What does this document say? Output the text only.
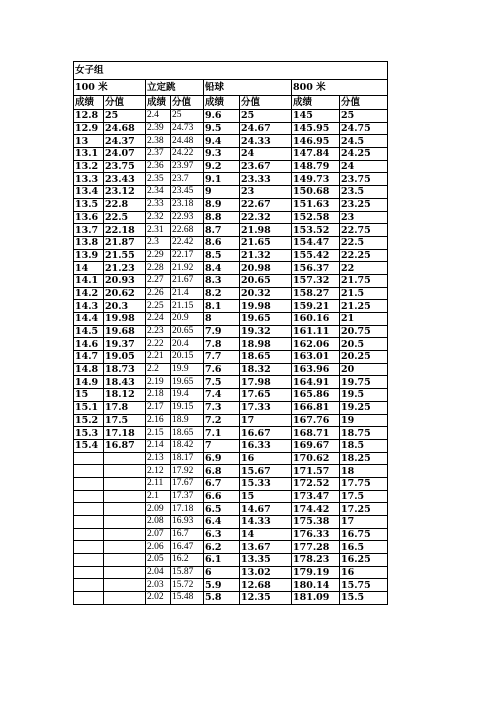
女子组							
100 米		立定跳		铅球		800 米	
成绩	分值	成绩	分值	成绩	分值	成绩	分值
12.8	25	2.4	25	9.6	25	145	25
12.9	24.68	2.39	24.73	9.5	24.67	145.95	24.75
13	24.37	2.38	24.48	9.4	24.33	146.95	24.5
13.1	24.07	2.37	24.22	9.3	24	147.84	24.25
13.2	23.75	2.36	23.97	9.2	23.67	148.79	24
13.3	23.43	2.35	23.7	9.1	23.33	149.73	23.75
13.4	23.12	2.34	23.45	9	23	150.68	23.5
13.5	22.8	2.33	23.18	8.9	22.67	151.63	23.25
13.6	22.5	2.32	22.93	8.8	22.32	152.58	23
13.7	22.18	2.31	22.68	8.7	21.98	153.52	22.75
13.8	21.87	2.3	22.42	8.6	21.65	154.47	22.5
13.9	21.55	2.29	22.17	8.5	21.32	155.42	22.25
14	21.23	2.28	21.92	8.4	20.98	156.37	22
14.1	20.93	2.27	21.67	8.3	20.65	157.32	21.75
14.2	20.62	2.26	21.4	8.2	20.32	158.27	21.5
14.3	20.3	2.25	21.15	8.1	19.98	159.21	21.25
14.4	19.98	2.24	20.9	8	19.65	160.16	21
14.5	19.68	2.23	20.65	7.9	19.32	161.11	20.75
14.6	19.37	2.22	20.4	7.8	18.98	162.06	20.5
14.7	19.05	2.21	20.15	7.7	18.65	163.01	20.25
14.8	18.73	2.2	19.9	7.6	18.32	163.96	20
14.9	18.43	2.19	19.65	7.5	17.98	164.91	19.75
15	18.12	2.18	19.4	7.4	17.65	165.86	19.5
15.1	17.8	2.17	19.15	7.3	17.33	166.81	19.25
15.2	17.5	2.16	18.9	7.2	17	167.76	19
15.3	17.18	2.15	18.65	7.1	16.67	168.71	18.75
15.4	16.87	2.14	18.42	7	16.33	169.67	18.5
		2.13	18.17	6.9	16	170.62	18.25
		2.12	17.92	6.8	15.67	171.57	18
		2.11	17.67	6.7	15.33	172.52	17.75
		2.1	17.37	6.6	15	173.47	17.5
		2.09	17.18	6.5	14.67	174.42	17.25
		2.08	16.93	6.4	14.33	175.38	17
		2.07	16.7	6.3	14	176.33	16.75
		2.06	16.47	6.2	13.67	177.28	16.5
		2.05	16.2	6.1	13.35	178.23	16.25
		2.04	15.87	6	13.02	179.19	16
		2.03	15.72	5.9	12.68	180.14	15.75
		2.02	15.48	5.8	12.35	181.09	15.5
